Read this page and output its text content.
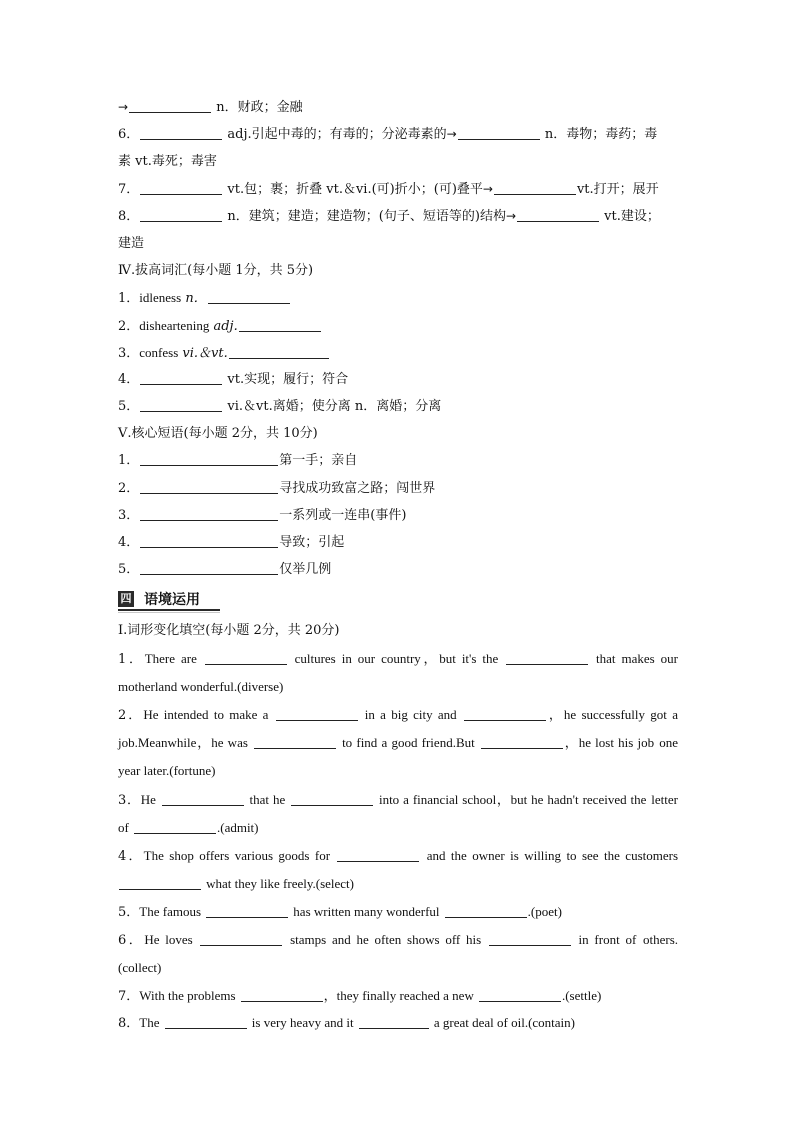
→	n．财政；金融
6．	adj.引起中毒的；有毒的；分泌毒素的→	n．毒物；毒药；毒
素 vt.毒死；毒害
7．	vt.包；裹；折叠 vt.＆vi.(可)折小；(可)叠平→	vt.打开；展开
8．	n．建筑；建造；建造物；(句子、短语等的)结构→	vt.建设；
建造
Ⅳ.拔高词汇(每小题 1分，共 5分)
1．idleness n．
2．disheartening adj.
3．confess vi.＆vt.
4．	vt.实现；履行；符合
5．	vi.＆vt.离婚；使分离 n．离婚；分离
Ⅴ.核心短语(每小题 2分，共 10分)
1．	第一手；亲自
2．	寻找成功致富之路；闯世界
3．	一系列或一连串(事件)
4．	导致；引起
5．	仅举几例
四 语境运用
Ⅰ.词形变化填空(每小题 2分，共 20分)
1．There are	cultures in our country，but it's the	that makes our motherland wonderful.(diverse)
2．He intended to make a	in a big city and	，he successfully got a job.Meanwhile，he was	to find a good friend.But	，he lost his job one year later.(fortune)
3．He	that he	into a financial school，but he hadn't received the letter of	.(admit)
4．The shop offers various goods for	and the owner is willing to see the customers  what they like freely.(select)
5．The famous	has written many wonderful	.(poet)
6．He loves	stamps and he often shows off his	in front of others.(collect)
7．With the problems	，they finally reached a new	.(settle)
8．The	is very heavy and it	a great deal of oil.(contain)
